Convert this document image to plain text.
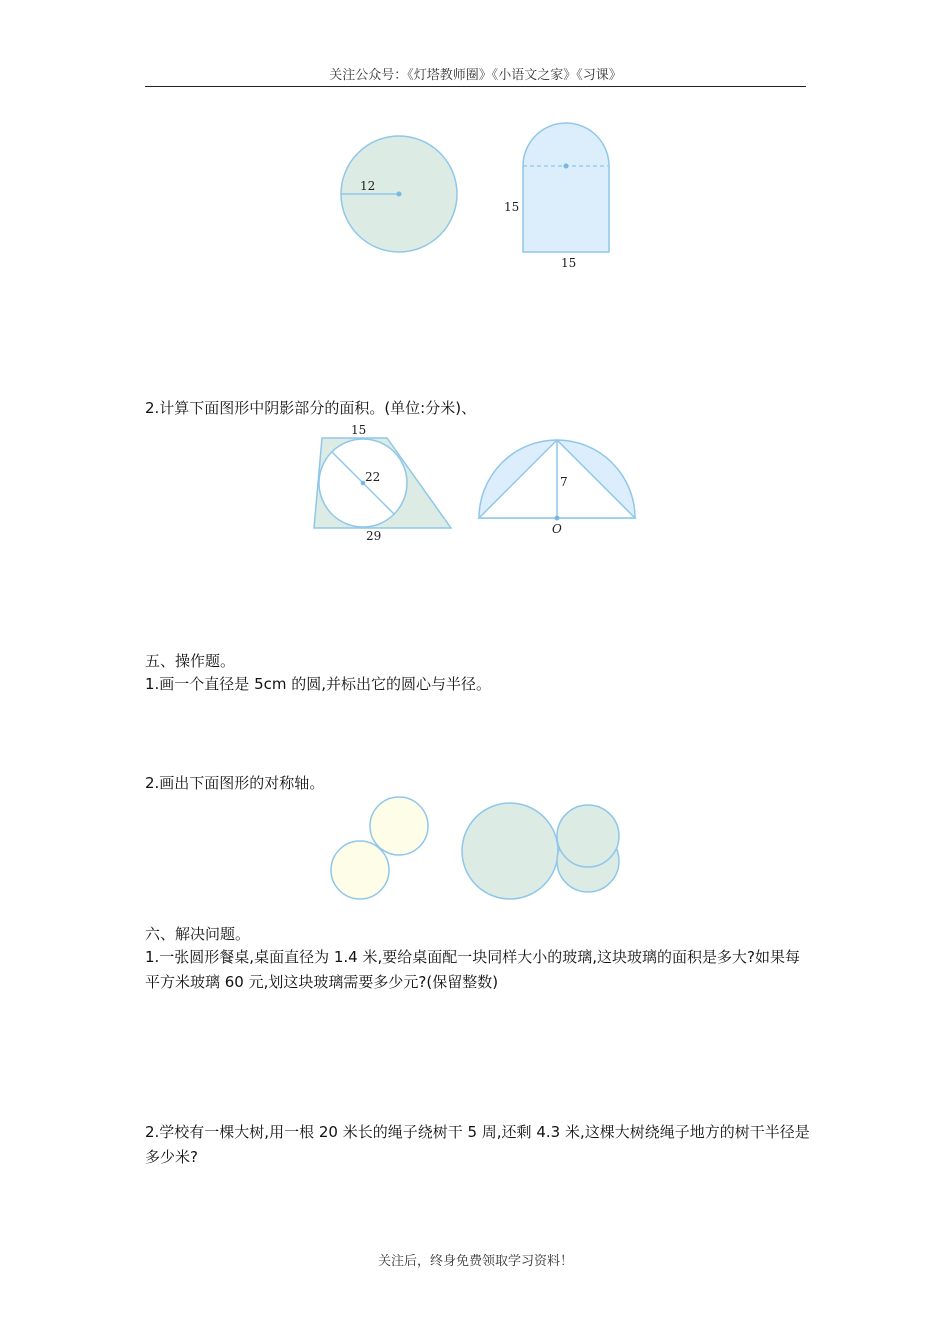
关注公众号：《灯塔教师圈》《小语文之家》《习课》
12
15
15
2.计算下面图形中阴影部分的面积。(单位:分米)、
15
22
29
7
O
五、操作题。
1.画一个直径是 5cm 的圆,并标出它的圆心与半径。
2.画出下面图形的对称轴。
六、解决问题。
1.一张圆形餐桌,桌面直径为 1.4 米,要给桌面配一块同样大小的玻璃,这块玻璃的面积是多大?如果每平方米玻璃 60 元,划这块玻璃需要多少元?(保留整数)
2.学校有一棵大树,用一根 20 米长的绳子绕树干 5 周,还剩 4.3 米,这棵大树绕绳子地方的树干半径是多少米?
关注后，终身免费领取学习资料！
